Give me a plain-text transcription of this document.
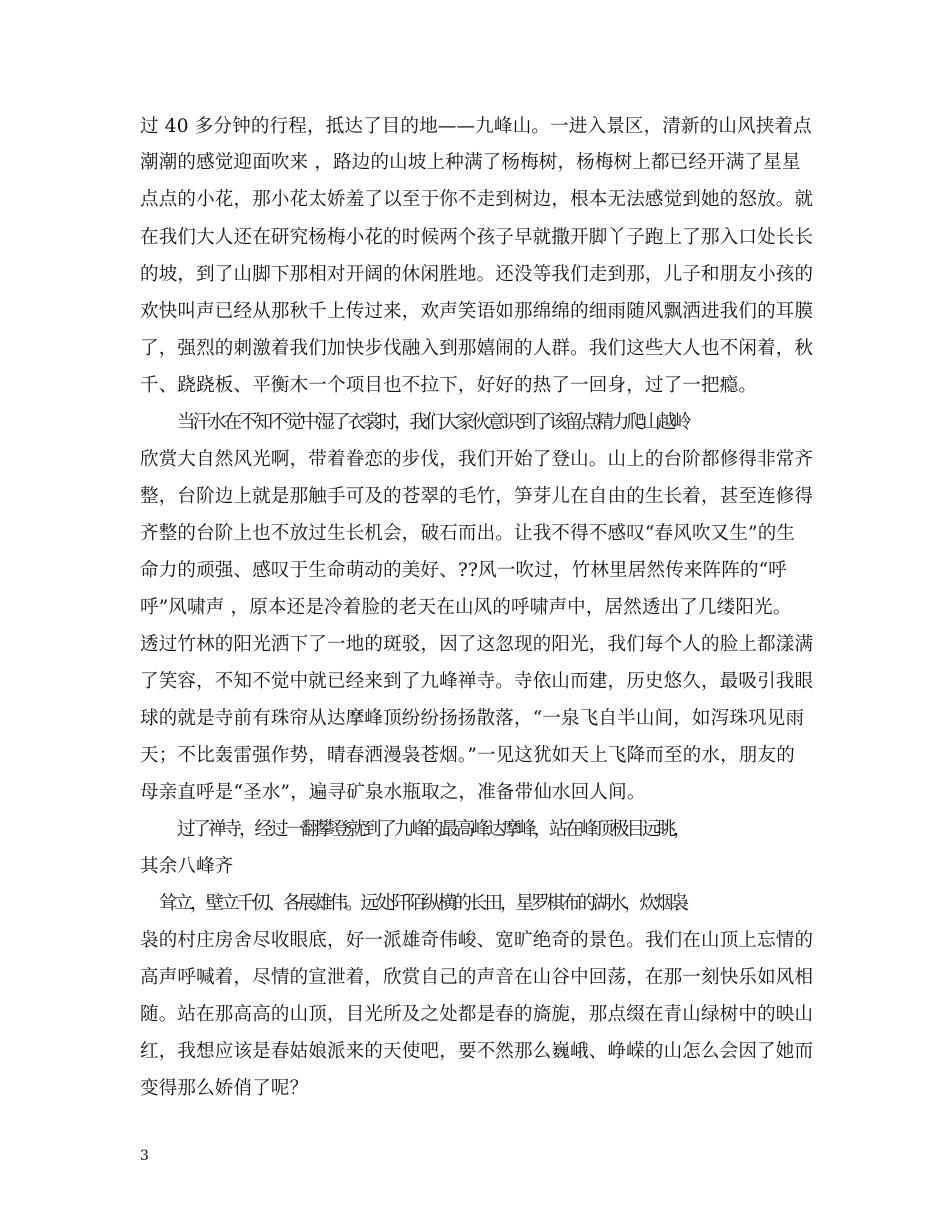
过 40 多分钟的行程，抵达了目的地——九峰山。一进入景区，清新的山风挟着点
潮潮的感觉迎面吹来 ，路边的山坡上种满了杨梅树，杨梅树上都已经开满了星星
点点的小花，那小花太娇羞了以至于你不走到树边，根本无法感觉到她的怒放。就
在我们大人还在研究杨梅小花的时候两个孩子早就撒开脚丫子跑上了那入口处长长
的坡，到了山脚下那相对开阔的休闲胜地。还没等我们走到那，儿子和朋友小孩的
欢快叫声已经从那秋千上传过来，欢声笑语如那绵绵的细雨随风飘洒进我们的耳膜
了，强烈的刺激着我们加快步伐融入到那嬉闹的人群。我们这些大人也不闲着，秋
千、跷跷板、平衡木一个项目也不拉下，好好的热了一回身，过了一把瘾。
当汗水在不知不觉中湿了衣裳时，我们大家伙意识到了该留点精力爬山越岭
欣赏大自然风光啊，带着眷恋的步伐，我们开始了登山。山上的台阶都修得非常齐
整，台阶边上就是那触手可及的苍翠的毛竹，笋芽儿在自由的生长着，甚至连修得
齐整的台阶上也不放过生长机会，破石而出。让我不得不感叹“春风吹又生”的生
命力的顽强、感叹于生命萌动的美好、??风一吹过，竹林里居然传来阵阵的“呼
呼”风啸声 ，原本还是冷着脸的老天在山风的呼啸声中，居然透出了几缕阳光。
透过竹林的阳光洒下了一地的斑驳，因了这忽现的阳光，我们每个人的脸上都漾满
了笑容，不知不觉中就已经来到了九峰禅寺。寺依山而建，历史悠久，最吸引我眼
球的就是寺前有珠帘从达摩峰顶纷纷扬扬散落，“一泉飞自半山间，如泻珠巩见雨
天；不比轰雷强作势，晴春洒漫袅苍烟。”一见这犹如天上飞降而至的水，朋友的
母亲直呼是“圣水”，遍寻矿泉水瓶取之，准备带仙水回人间。
过了禅寺，经过一翻攀登就到了九峰的最高峰达摩峰，站在峰顶极目远眺，
其余八峰齐
耸立，壁立千仞、各展雄伟。远处阡陌纵横的长田，星罗棋布的湖水，炊烟袅
袅的村庄房舍尽收眼底，好一派雄奇伟峻、宽旷绝奇的景色。我们在山顶上忘情的
高声呼喊着，尽情的宣泄着，欣赏自己的声音在山谷中回荡，在那一刻快乐如风相
随。站在那高高的山顶，目光所及之处都是春的旖旎，那点缀在青山绿树中的映山
红，我想应该是春姑娘派来的天使吧，要不然那么巍峨、峥嵘的山怎么会因了她而
变得那么娇俏了呢？
3
